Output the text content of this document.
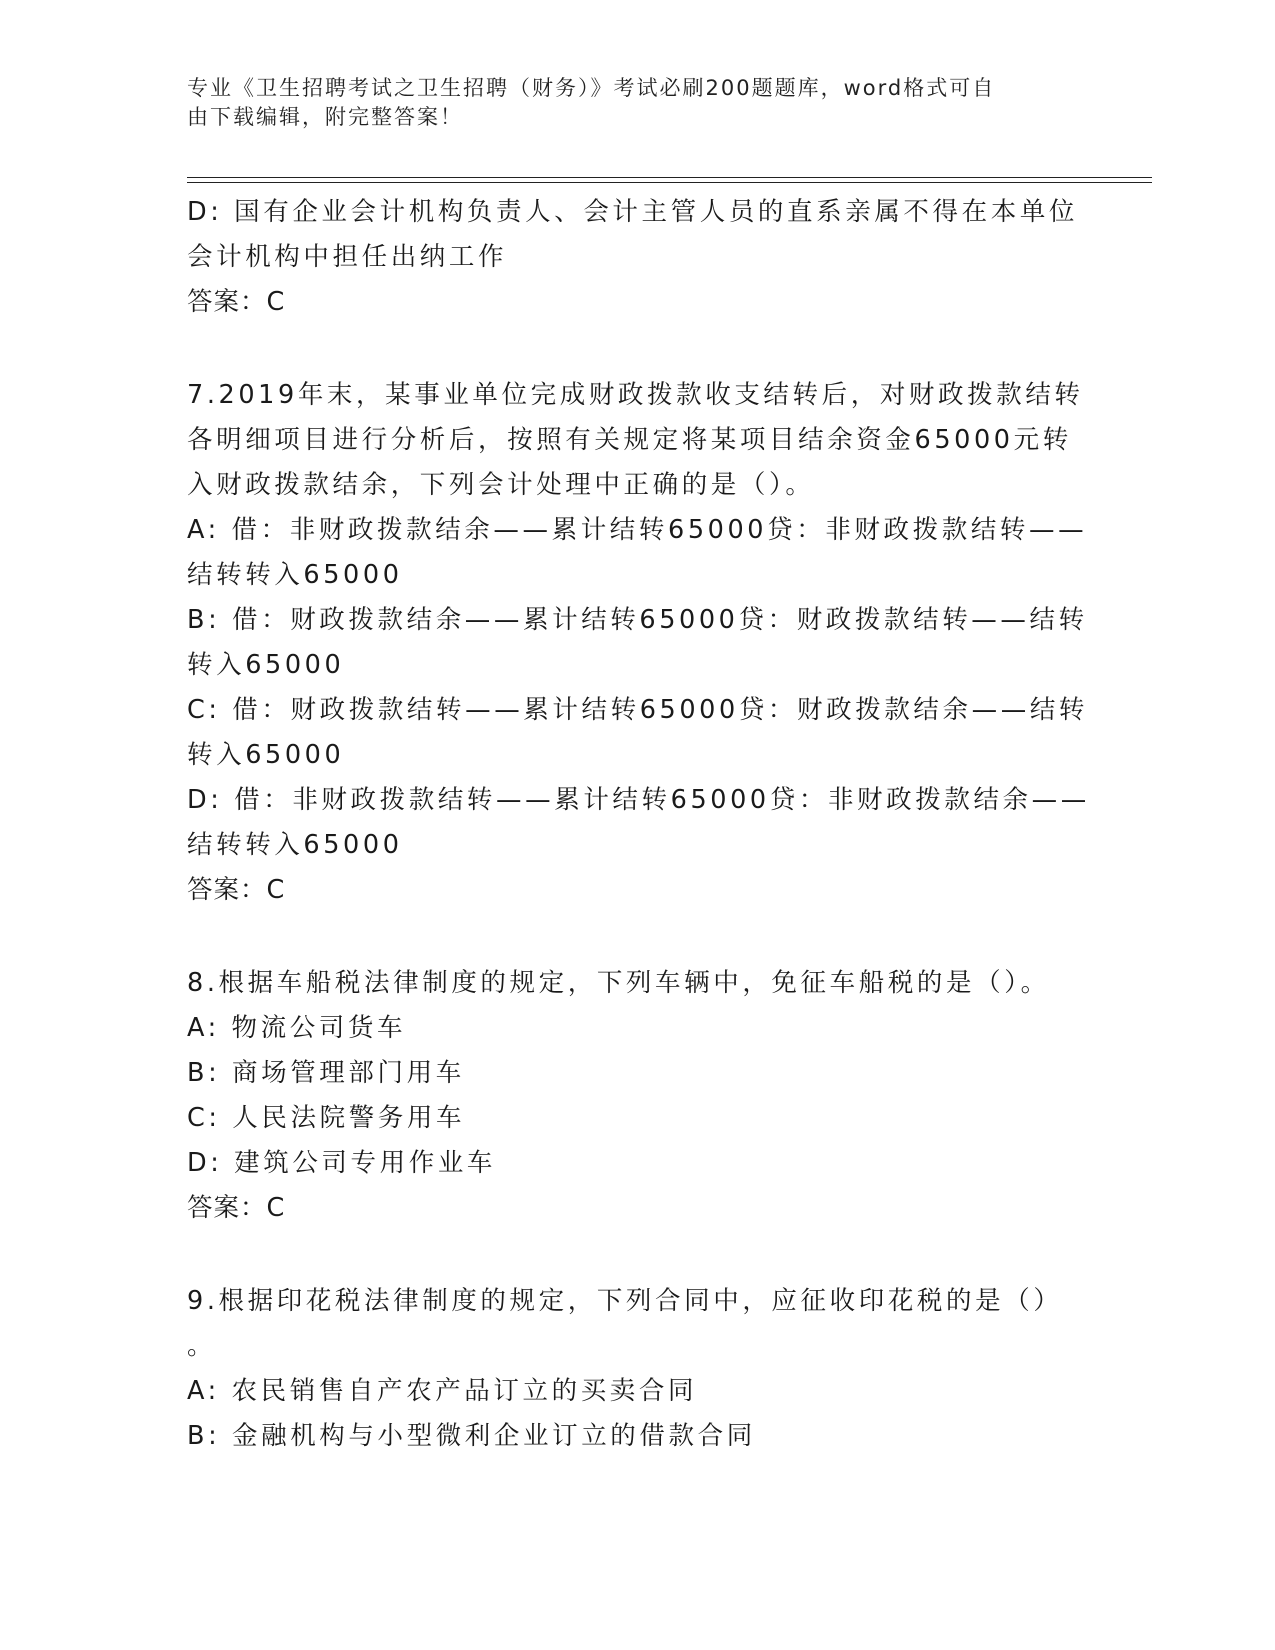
专业《卫生招聘考试之卫生招聘（财务）》考试必刷200题题库，word格式可自
由下载编辑，附完整答案！
D: 国有企业会计机构负责人、会计主管人员的直系亲属不得在本单位
会计机构中担任出纳工作
答案：C
7.2019年末，某事业单位完成财政拨款收支结转后，对财政拨款结转
各明细项目进行分析后，按照有关规定将某项目结余资金65000元转
入财政拨款结余，下列会计处理中正确的是（）。
A: 借：非财政拨款结余——累计结转65000贷：非财政拨款结转——
结转转入65000
B: 借：财政拨款结余——累计结转65000贷：财政拨款结转——结转
转入65000
C: 借：财政拨款结转——累计结转65000贷：财政拨款结余——结转
转入65000
D: 借：非财政拨款结转——累计结转65000贷：非财政拨款结余——
结转转入65000
答案：C
8.根据车船税法律制度的规定，下列车辆中，免征车船税的是（）。
A: 物流公司货车
B: 商场管理部门用车
C: 人民法院警务用车
D: 建筑公司专用作业车
答案：C
9.根据印花税法律制度的规定，下列合同中，应征收印花税的是（）
。
A: 农民销售自产农产品订立的买卖合同
B: 金融机构与小型微利企业订立的借款合同
